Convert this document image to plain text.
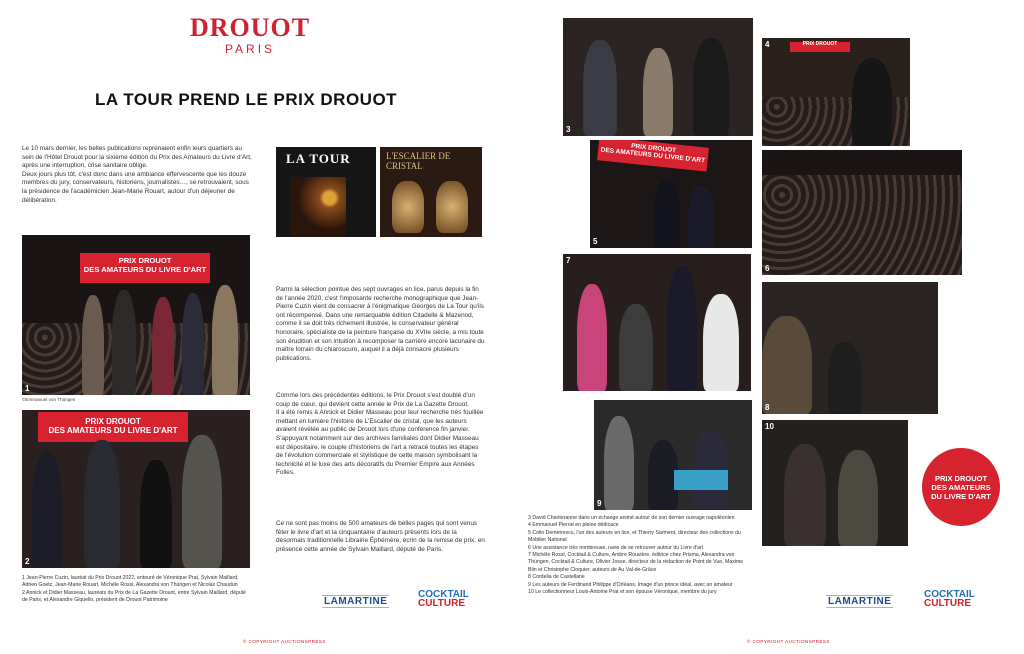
DROUOT
PARIS
LA TOUR PREND LE PRIX DROUOT
Le 10 mars dernier, les belles publications reprenaient enfin leurs quartiers au sein de l'Hôtel Drouot pour la sixième édition du Prix des Amateurs du Livre d'Art, après une interruption, crise sanitaire oblige.
Deux jours plus tôt, c'est donc dans une ambiance effervescente que les douze membres du jury, conservateurs, historiens, journalistes…, se retrouvaient, sous la présidence de l'académicien Jean-Marie Rouart, autour d'un déjeuner de délibération.
PRIX DROUOT
DES AMATEURS DU LIVRE D'ART
1
©Emmanuel von Thüngen
PRIX DROUOT
DES AMATEURS DU LIVRE D'ART
2
1 Jean-Pierre Cuzin, lauréat du Prix Drouot 2022, entouré de Véronique Prat, Sylvain Maillard, Adrien Goetz, Jean-Marie Rouart, Michèle Rossi, Alexandra von Thüngen et Nicolas Chaudun
2 Annick et Didier Masseau, lauréats du Prix de La Gazette Drouot, entre Sylvain Maillard, député de Paris, et Alexandre Giquello, président de Drouot Patrimoine
LA TOUR	L'ESCALIER DE CRISTAL
Parmi la sélection pointue des sept ouvrages en lice, parus depuis la fin de l'année 2020, c'est l'imposante recherche monographique que Jean-Pierre Cuzin vient de consacrer à l'énigmatique Georges de La Tour qu'ils ont récompensé. Dans une remarquable édition Citadelle & Mazenod, comme il se doit très richement illustrée, le conservateur général honoraire, spécialiste de la peinture française du XVIIe siècle, a mis toute son érudition et son intuition à recomposer la carrière encore lacunaire du maître lorrain du chiaroscuro, auquel il a déjà consacré plusieurs publications.
Comme lors des précédentes éditions, le Prix Drouot s'est doublé d'un coup de cœur, qui devient cette année le Prix de La Gazette Drouot.
Il a été remis à Annick et Didier Masseau pour leur recherche très fouillée mettant en lumière l'histoire de L'Escalier de cristal, que les auteurs avaient révélée au public de Drouot lors d'une conférence fin janvier.
S'appuyant notamment sur des archives familiales dont Didier Masseau est dépositaire, le couple d'historiens de l'art a retracé toutes les étapes de l'évolution commerciale et stylistique de cette maison symbolisant la technicité et le luxe des arts décoratifs du Premier Empire aux Années Folles.
Ce ne sont pas moins de 500 amateurs de belles pages qui sont venus fêter le livre d'art et la cinquantaine d'auteurs présents lors de la désormais traditionnelle Librairie Éphémère, écrin de la remise de prix, en présence cette année de Sylvain Maillard, député de Paris.
LAMARTINE
COCKTAIL
CULTURE
© COPYRIGHT AUCTIONSPRESS
3
PRIX DROUOT
4
PRIX DROUOT
DES AMATEURS DU LIVRE D'ART
5
6
7
8
9
10
PRIX DROUOT
DES AMATEURS
DU LIVRE D'ART
3 David Chanteranne dans un échange animé autour de son dernier ouvrage napoléonien
4 Emmanuel Pierrat en pleine dédicace
5 Colin Demetrescu, l'un des auteurs en lice, et Thierry Sarment, directeur des collections du Mobilier National
6 Une assistance très nombreuse, ravie de se retrouver autour du Livre d'art
7 Michèle Rossi, Cocktail & Culture, Ambre Rouvière, éditrice chez Prisma, Alexandra von Thüngen, Cocktail & Culture, Olivier Josse, directeur de la rédaction de Point de Vue, Maxime Blin et Christophe Cloquier, auteurs de Au Val-de-Grâce
8 Cordelia de Castellane
9 Les auteurs de Ferdinand Philippe d'Orléans. Image d'un prince idéal, avec un amateur
10 Le collectionneur Louis-Antoine Prat et son épouse Véronique, membre du jury
LAMARTINE
COCKTAIL
CULTURE
© COPYRIGHT AUCTIONSPRESS
